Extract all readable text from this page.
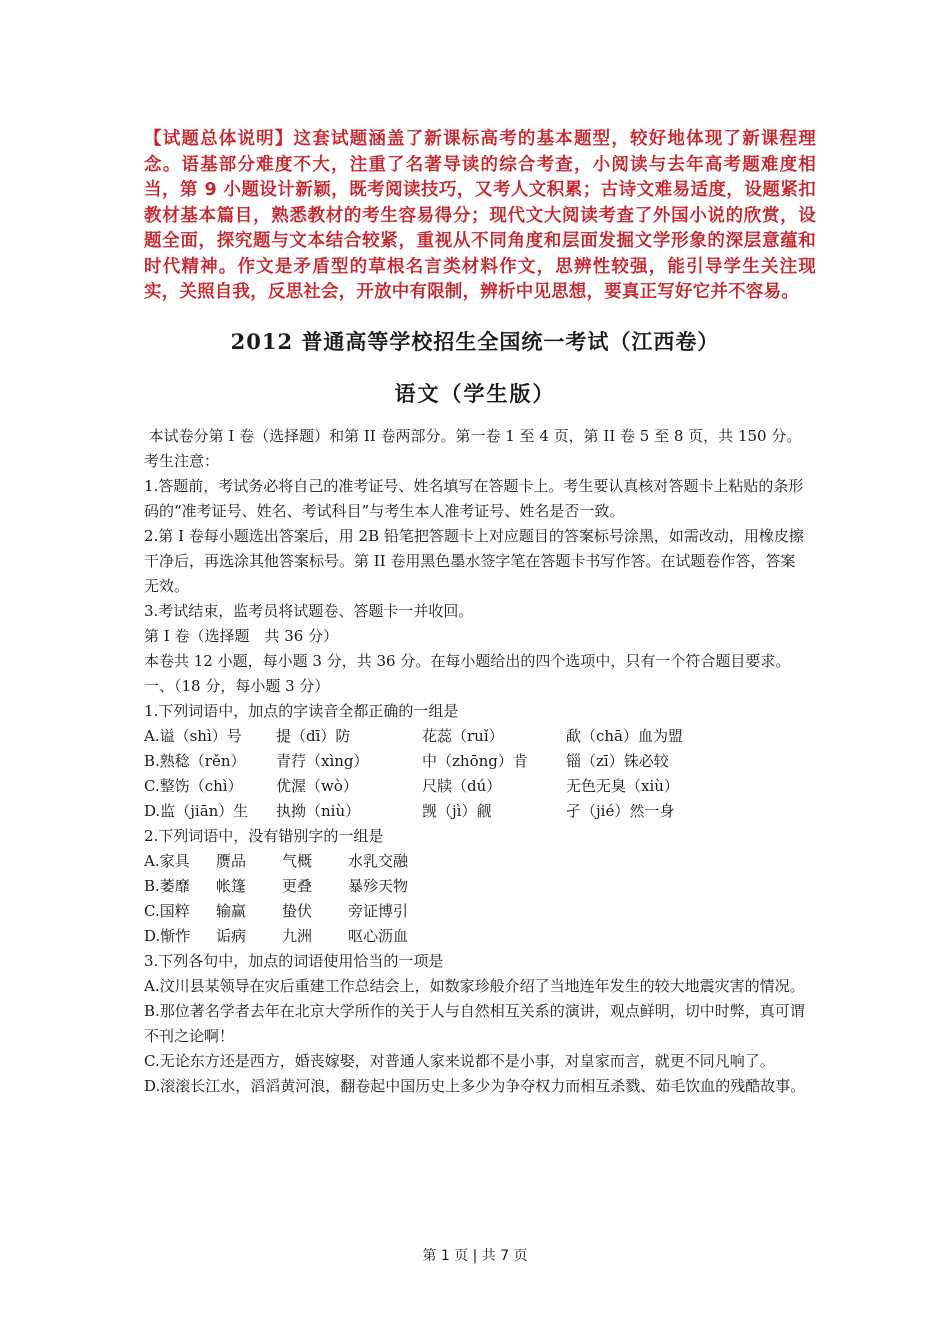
【试题总体说明】这套试题涵盖了新课标高考的基本题型，较好地体现了新课程理念。语基部分难度不大，注重了名著导读的综合考查，小阅读与去年高考题难度相当，第 9 小题设计新颖，既考阅读技巧，又考人文积累；古诗文难易适度，设题紧扣教材基本篇目，熟悉教材的考生容易得分；现代文大阅读考查了外国小说的欣赏，设题全面，探究题与文本结合较紧，重视从不同角度和层面发掘文学形象的深层意蕴和时代精神。作文是矛盾型的草根名言类材料作文，思辨性较强，能引导学生关注现实，关照自我，反思社会，开放中有限制，辨析中见思想，要真正写好它并不容易。
2012 普通高等学校招生全国统一考试（江西卷）
语文（学生版）

本试卷分第 I 卷（选择题）和第 II 卷两部分。第一卷 1 至 4 页，第 II 卷 5 至 8 页，共 150 分。

考生注意：

1.答题前，考试务必将自己的准考证号、姓名填写在答题卡上。考生要认真核对答题卡上粘贴的条形码的“准考证号、姓名、考试科目”与考生本人准考证号、姓名是否一致。

2.第 I 卷每小题选出答案后，用 2B 铅笔把答题卡上对应题目的答案标号涂黑，如需改动，用橡皮擦干净后，再选涂其他答案标号。第 II 卷用黑色墨水签字笔在答题卡书写作答。在试题卷作答，答案无效。

3.考试结束，监考员将试题卷、答题卡一并收回。

第 I 卷（选择题　共 36 分）

本卷共 12 小题，每小题 3 分，共 36 分。在每小题给出的四个选项中，只有一个符合题目要求。

一、（18 分，每小题 3 分）

1.下列词语中，加点的字读音全都正确的一组是

A.谥（shì）号	提（dī）防	花蕊（ruǐ）	歃（chā）血为盟
B.熟稔（rěn）	青荇（xìng）	中（zhōng）肯	锱（zī）铢必较
C.整饬（chì）	优渥（wò）	尺牍（dú）	无色无臭（xiù）
D.监（jiān）生	执拗（niù）	觊（jì）觎	孑（jié）然一身

2.下列词语中，没有错别字的一组是

A.家具	赝品	气概	水乳交融
B.萎靡	帐篷	更叠	暴殄天物
C.国粹	输赢	蛰伏	旁证博引
D.惭怍	诟病	九洲	呕心沥血

3.下列各句中，加点的词语使用恰当的一项是

A.汶川县某领导在灾后重建工作总结会上，如数家珍般介绍了当地连年发生的较大地震灾害的情况。

B.那位著名学者去年在北京大学所作的关于人与自然相互关系的演讲，观点鲜明，切中时弊，真可谓不刊之论啊！

C.无论东方还是西方，婚丧嫁娶，对普通人家来说都不是小事，对皇家而言，就更不同凡响了。

D.滚滚长江水，滔滔黄河浪，翻卷起中国历史上多少为争夺权力而相互杀戮、茹毛饮血的残酷故事。

第 1 页 | 共 7 页
